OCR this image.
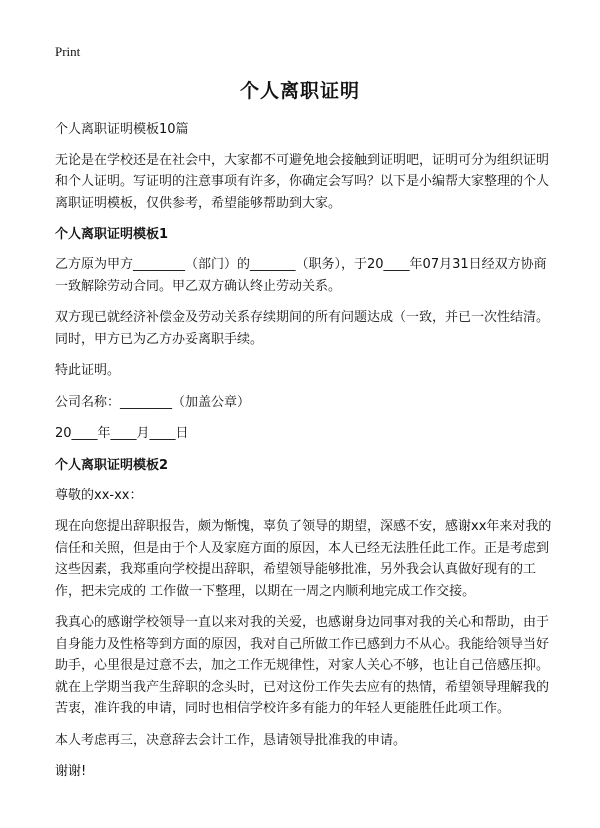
Print
个人离职证明

个人离职证明模板10篇

无论是在学校还是在社会中，大家都不可避免地会接触到证明吧，证明可分为组织证明和个人证明。写证明的注意事项有许多，你确定会写吗？以下是小编帮大家整理的个人离职证明模板，仅供参考，希望能够帮助到大家。

个人离职证明模板1

乙方原为甲方________（部门）的_______（职务），于20____年07月31日经双方协商一致解除劳动合同。甲乙双方确认终止劳动关系。

双方现已就经济补偿金及劳动关系存续期间的所有问题达成（一致，并已一次性结清。同时，甲方已为乙方办妥离职手续。

特此证明。

公司名称：________（加盖公章）

20____年____月____日

个人离职证明模板2

尊敬的xx-xx：

现在向您提出辞职报告，颇为惭愧，辜负了领导的期望，深感不安，感谢xx年来对我的信任和关照，但是由于个人及家庭方面的原因，本人已经无法胜任此工作。正是考虑到这些因素，我郑重向学校提出辞职，希望领导能够批准，另外我会认真做好现有的工作，把未完成的 工作做一下整理，以期在一周之内顺利地完成工作交接。

我真心的感谢学校领导一直以来对我的关爱，也感谢身边同事对我的关心和帮助，由于自身能力及性格等到方面的原因，我对自己所做工作已感到力不从心。我能给领导当好助手，心里很是过意不去，加之工作无规律性，对家人关心不够，也让自己倍感压抑。就在上学期当我产生辞职的念头时，已对这份工作失去应有的热情，希望领导理解我的苦衷，准许我的申请，同时也相信学校许多有能力的年轻人更能胜任此项工作。

本人考虑再三，决意辞去会计工作，恳请领导批准我的申请。

谢谢!
